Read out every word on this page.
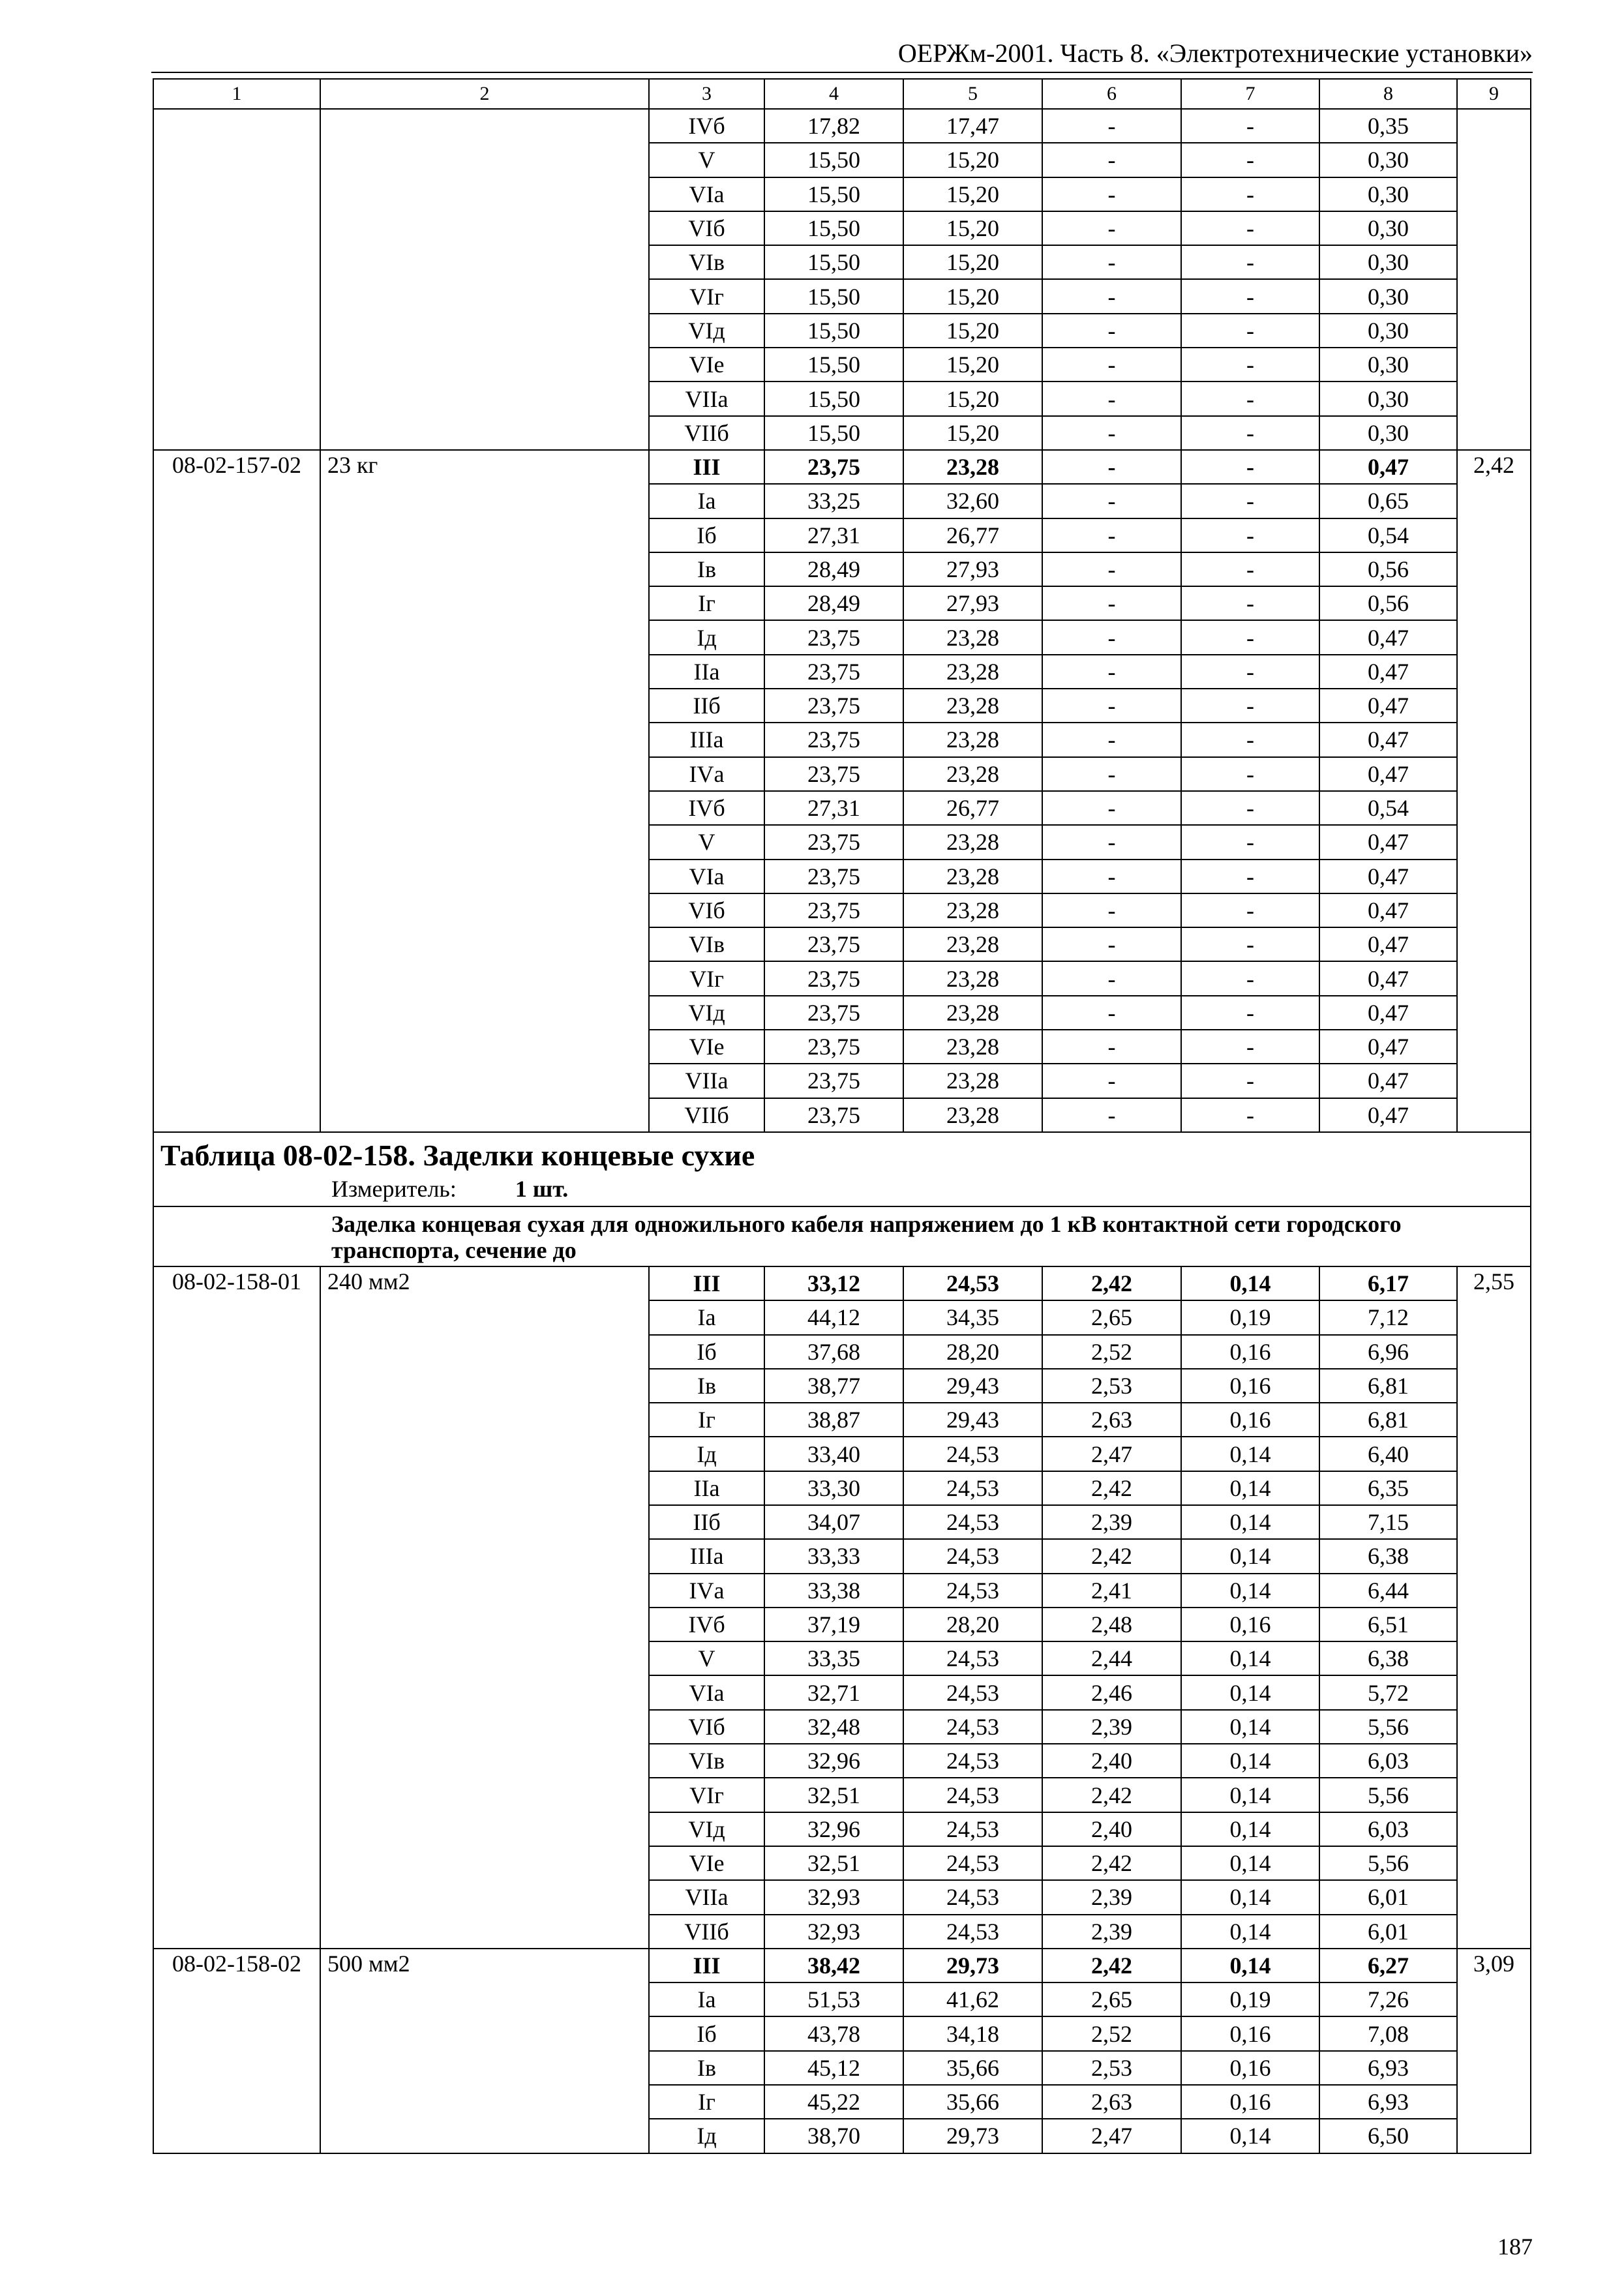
ОЕРЖм-2001. Часть 8. «Электротехнические установки»
1	2	3	4	5	6	7	8	9
		IVб	17,82	17,47	-	-	0,35	
		V	15,50	15,20	-	-	0,30	
		VIа	15,50	15,20	-	-	0,30	
		VIб	15,50	15,20	-	-	0,30	
		VIв	15,50	15,20	-	-	0,30	
		VIг	15,50	15,20	-	-	0,30	
		VIд	15,50	15,20	-	-	0,30	
		VIе	15,50	15,20	-	-	0,30	
		VIIа	15,50	15,20	-	-	0,30	
		VIIб	15,50	15,20	-	-	0,30	
08-02-157-02	23 кг	III	23,75	23,28	-	-	0,47	2,42
		Iа	33,25	32,60	-	-	0,65	
		Iб	27,31	26,77	-	-	0,54	
		Iв	28,49	27,93	-	-	0,56	
		Iг	28,49	27,93	-	-	0,56	
		Iд	23,75	23,28	-	-	0,47	
		IIа	23,75	23,28	-	-	0,47	
		IIб	23,75	23,28	-	-	0,47	
		IIIа	23,75	23,28	-	-	0,47	
		IVа	23,75	23,28	-	-	0,47	
		IVб	27,31	26,77	-	-	0,54	
		V	23,75	23,28	-	-	0,47	
		VIа	23,75	23,28	-	-	0,47	
		VIб	23,75	23,28	-	-	0,47	
		VIв	23,75	23,28	-	-	0,47	
		VIг	23,75	23,28	-	-	0,47	
		VIд	23,75	23,28	-	-	0,47	
		VIе	23,75	23,28	-	-	0,47	
		VIIа	23,75	23,28	-	-	0,47	
		VIIб	23,75	23,28	-	-	0,47	

Таблица 08-02-158. Заделки концевые сухие
Измеритель: 1 шт.								

Заделка концевая сухая для одножильного кабеля напряжением до 1 кВ контактной сети городского транспорта, сечение до								
08-02-158-01	240 мм2	III	33,12	24,53	2,42	0,14	6,17	2,55
		Iа	44,12	34,35	2,65	0,19	7,12	
		Iб	37,68	28,20	2,52	0,16	6,96	
		Iв	38,77	29,43	2,53	0,16	6,81	
		Iг	38,87	29,43	2,63	0,16	6,81	
		Iд	33,40	24,53	2,47	0,14	6,40	
		IIа	33,30	24,53	2,42	0,14	6,35	
		IIб	34,07	24,53	2,39	0,14	7,15	
		IIIа	33,33	24,53	2,42	0,14	6,38	
		IVа	33,38	24,53	2,41	0,14	6,44	
		IVб	37,19	28,20	2,48	0,16	6,51	
		V	33,35	24,53	2,44	0,14	6,38	
		VIа	32,71	24,53	2,46	0,14	5,72	
		VIб	32,48	24,53	2,39	0,14	5,56	
		VIв	32,96	24,53	2,40	0,14	6,03	
		VIг	32,51	24,53	2,42	0,14	5,56	
		VIд	32,96	24,53	2,40	0,14	6,03	
		VIе	32,51	24,53	2,42	0,14	5,56	
		VIIа	32,93	24,53	2,39	0,14	6,01	
		VIIб	32,93	24,53	2,39	0,14	6,01	
08-02-158-02	500 мм2	III	38,42	29,73	2,42	0,14	6,27	3,09
		Iа	51,53	41,62	2,65	0,19	7,26	
		Iб	43,78	34,18	2,52	0,16	7,08	
		Iв	45,12	35,66	2,53	0,16	6,93	
		Iг	45,22	35,66	2,63	0,16	6,93	
		Iд	38,70	29,73	2,47	0,14	6,50	
187
